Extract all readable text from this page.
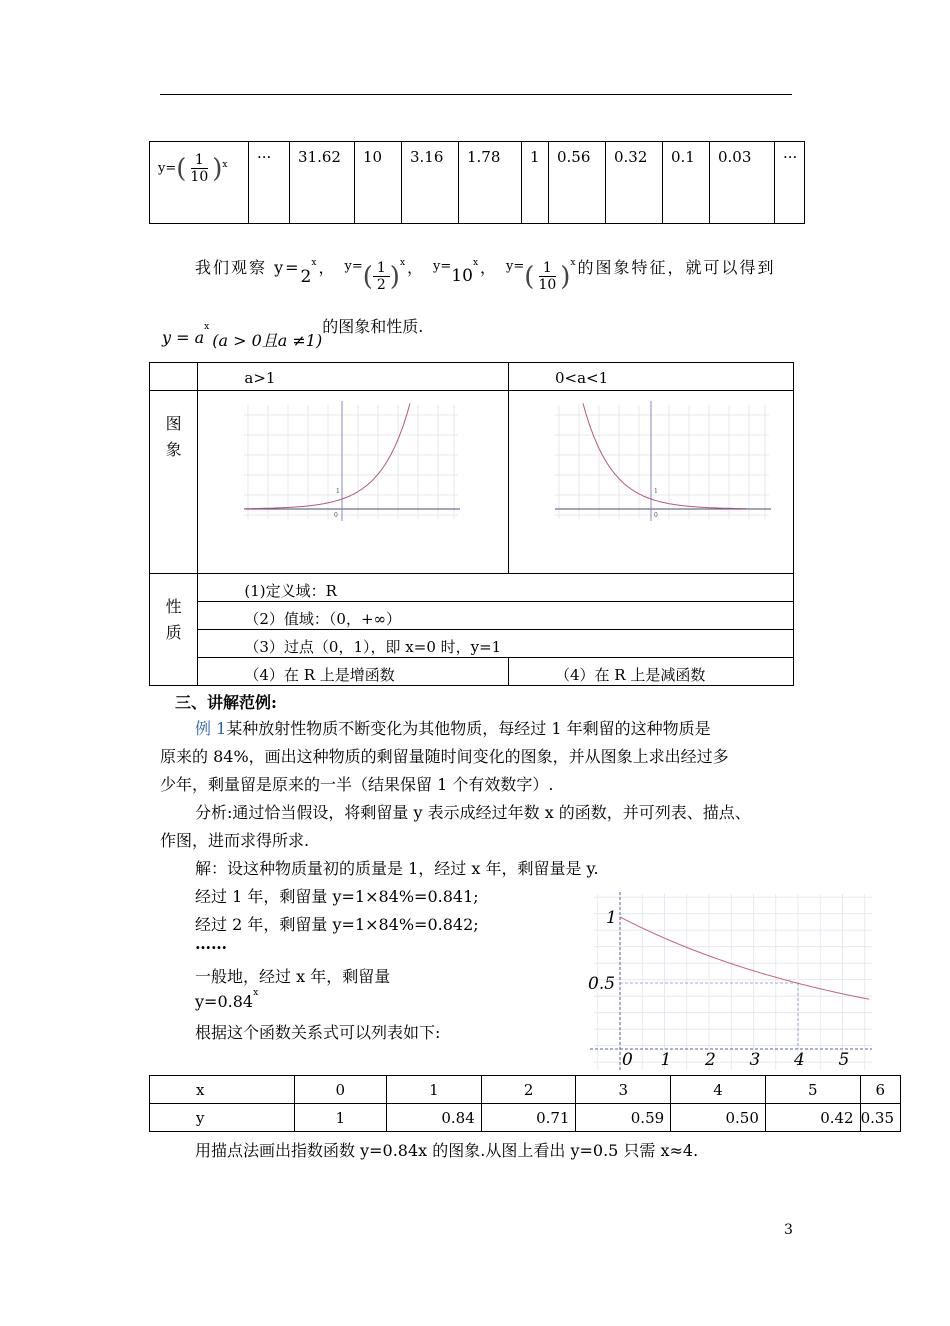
y= ( $\frac{1}{10}$ ) x	···	31.62	10	3.16	1.78	1	0.56	0.32	0.1	0.03	···
我们观察 y= 2
x ， y= ( $\frac{1}{2}$ ) x ， y= 10
x ， y= ( $\frac{1}{10}$ ) x 的图象特征，就可以得到
y = a
x
(a > 0且a ≠1)
的图象和性质.
	a>1	0<a<1

图象	1
0	1
0

性质	(1)定义域：R	
	（2）值域：（0，+∞）	
	（3）过点（0，1），即 x=0 时，y=1	
	（4）在 R 上是增函数	（4）在 R 上是减函数
三、讲解范例:
例 1某种放射性物质不断变化为其他物质，每经过 1 年剩留的这种物质是
原来的 84%，画出这种物质的剩留量随时间变化的图象，并从图象上求出经过多
少年，剩量留是原来的一半（结果保留 1 个有效数字）.
分析:通过恰当假设，将剩留量 y 表示成经过年数 x 的函数，并可列表、描点、
作图，进而求得所求.
解：设这种物质量初的质量是 1，经过 x 年，剩留量是 y.
经过 1 年，剩留量 y=1×84%=0.841;
经过 2 年，剩留量 y=1×84%=0.842;
……
一般地，经过 x 年，剩留量
$y=0.84^x$
根据这个函数关系式可以列表如下:
0 1 2 3 4 5
1
0.5
x	0	1	2	3	4	5	6
y	1	0.84	0.71	0.59	0.50	0.42	0.35
用描点法画出指数函数 y=0.84x 的图象.从图上看出 y=0.5 只需 x≈4.
3
